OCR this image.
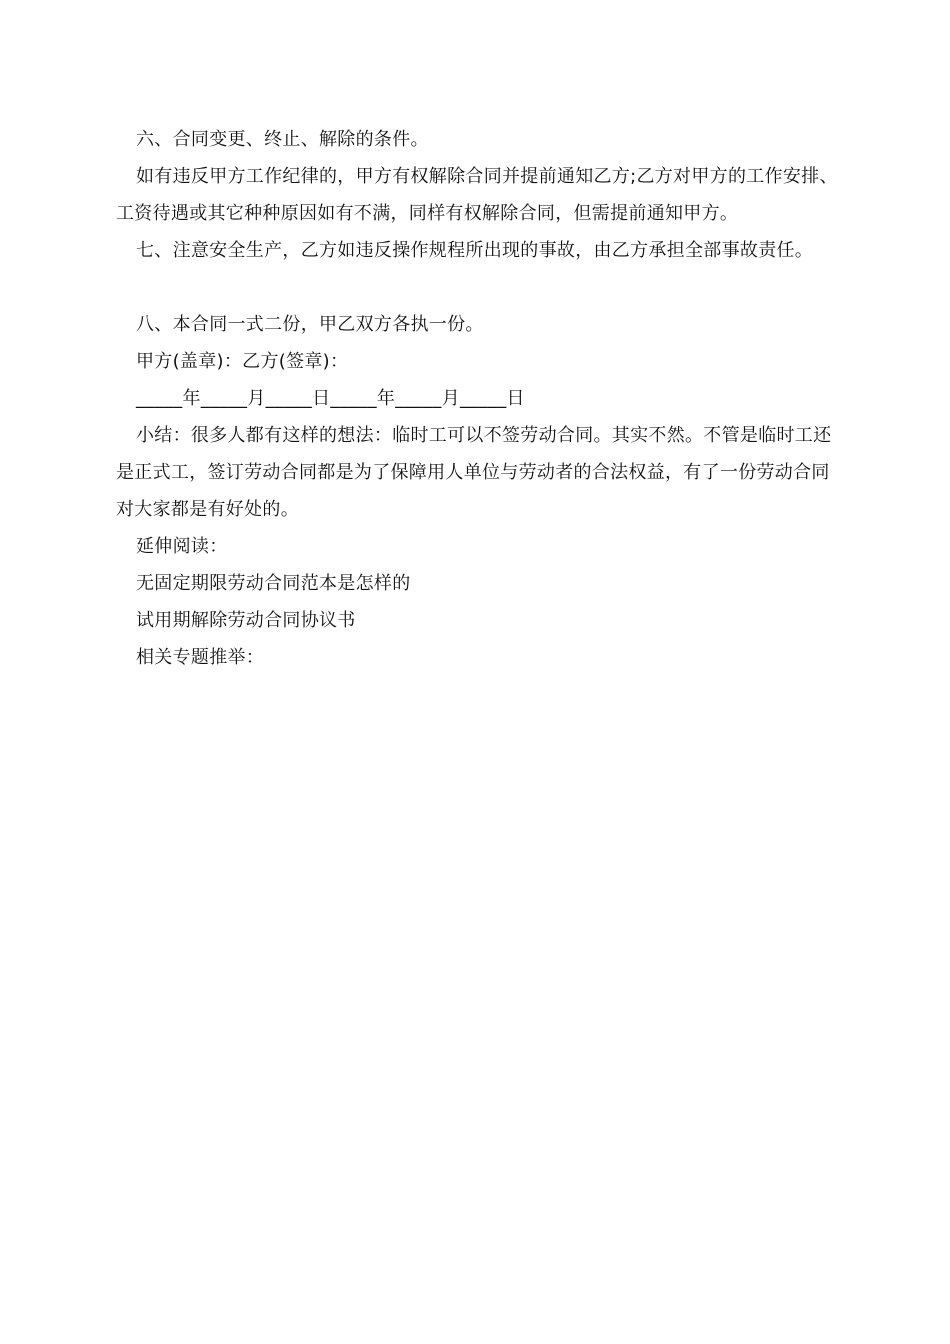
六、合同变更、终止、解除的条件。

如有违反甲方工作纪律的，甲方有权解除合同并提前通知乙方;乙方对甲方的工作安排、工资待遇或其它种种原因如有不满，同样有权解除合同，但需提前通知甲方。

七、注意安全生产，乙方如违反操作规程所出现的事故，由乙方承担全部事故责任。

八、本合同一式二份，甲乙双方各执一份。

甲方(盖章)：乙方(签章)：

_____年_____月_____日_____年_____月_____日

小结：很多人都有这样的想法：临时工可以不签劳动合同。其实不然。不管是临时工还是正式工，签订劳动合同都是为了保障用人单位与劳动者的合法权益，有了一份劳动合同对大家都是有好处的。

延伸阅读：

无固定期限劳动合同范本是怎样的

试用期解除劳动合同协议书

相关专题推举：
